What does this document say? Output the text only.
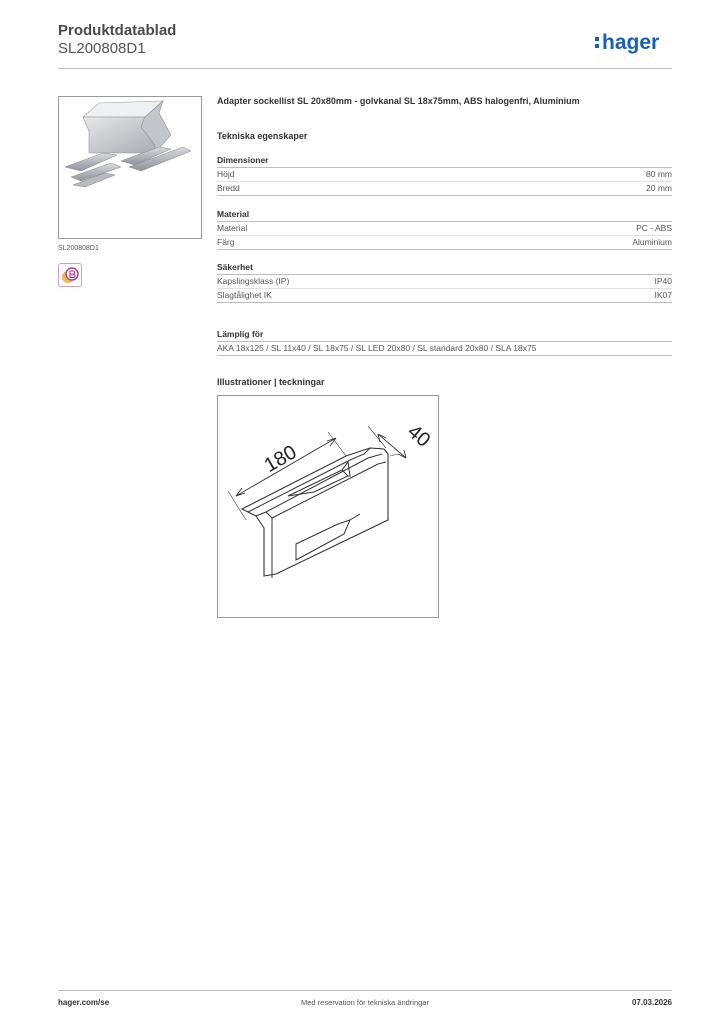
Produktdatablad
SL200808D1	hager
SL200808D1
Adapter sockellist SL 20x80mm - golvkanal SL 18x75mm, ABS halogenfri, Aluminium
Tekniska egenskaper
Dimensioner
Höjd	80 mm
Bredd	20 mm
Material
Material	PC - ABS
Färg	Aluminium
Säkerhet
Kapslingsklass (IP)	IP40
Slagtålighet IK	IK07
Lämplig för
AKA 18x125 / SL 11x40 / SL 18x75 / SL LED 20x80 / SL standard 20x80 / SLA 18x75
Illustrationer | teckningar
180
40
hager.com/se	Med reservation för tekniska ändringar	07.03.2026
